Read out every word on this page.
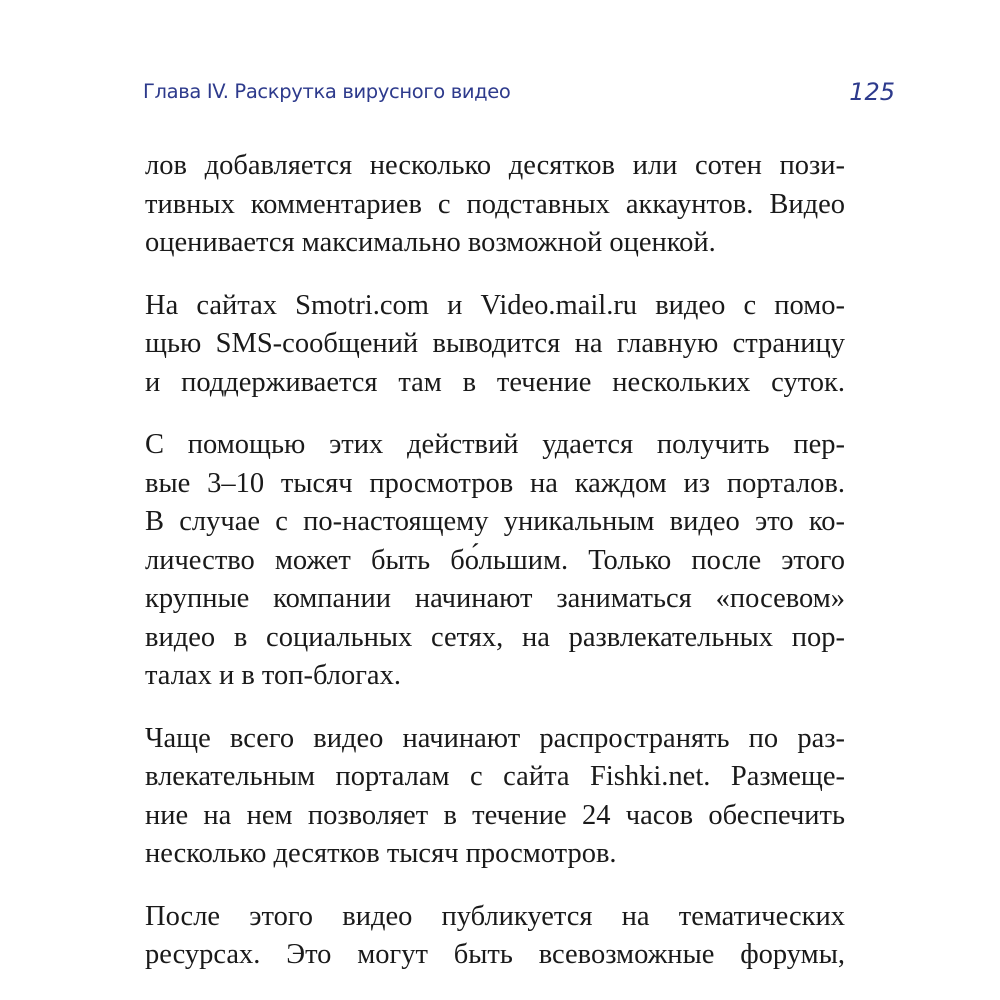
Глава IV. Раскрутка вирусного видео	125
лов добавляется несколько десятков или сотен пози-
тивных комментариев с подставных аккаунтов. Видео
оценивается максимально возможной оценкой.
На сайтах Smotri.com и Video.mail.ru видео с помо-
щью SMS-сообщений выводится на главную страницу
и поддерживается там в течение нескольких суток.
С помощью этих действий удается получить пер-
вые 3–10 тысяч просмотров на каждом из порталов.
В случае с по-настоящему уникальным видео это ко-
личество может быть бо́льшим. Только после этого
крупные компании начинают заниматься «посевом»
видео в социальных сетях, на развлекательных пор-
талах и в топ-блогах.
Чаще всего видео начинают распространять по раз-
влекательным порталам с сайта Fishki.net. Размеще-
ние на нем позволяет в течение 24 часов обеспечить
несколько десятков тысяч просмотров.
После этого видео публикуется на тематических
ресурсах. Это могут быть всевозможные форумы,
